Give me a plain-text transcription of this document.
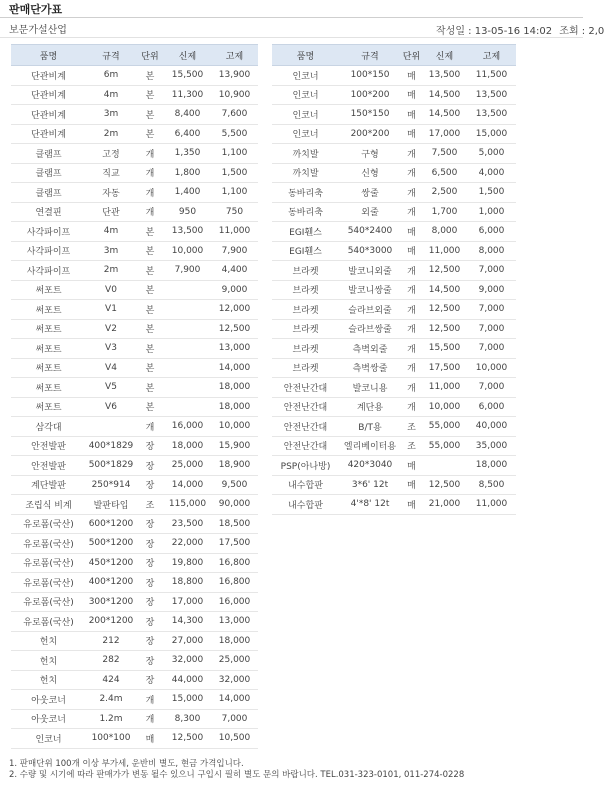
판매단가표
보문가설산업	작성일 : 13-05-16 14:02 조회 : 2,0
품명	규격	단위	신제	고제
단관비계	6m	본	15,500	13,900
단관비계	4m	본	11,300	10,900
단관비계	3m	본	8,400	7,600
단관비계	2m	본	6,400	5,500
클램프	고정	개	1,350	1,100
클램프	직교	개	1,800	1,500
클램프	자동	개	1,400	1,100
연결핀	단관	개	950	750
사각파이프	4m	본	13,500	11,000
사각파이프	3m	본	10,000	7,900
사각파이프	2m	본	7,900	4,400
써포트	V0	본		9,000
써포트	V1	본		12,000
써포트	V2	본		12,500
써포트	V3	본		13,000
써포트	V4	본		14,000
써포트	V5	본		18,000
써포트	V6	본		18,000
삼각대		개	16,000	10,000
안전발판	400*1829	장	18,000	15,900
안전발판	500*1829	장	25,000	18,900
계단발판	250*914	장	14,000	9,500
조립식 비계	발판타입	조	115,000	90,000
유로폼(국산)	600*1200	장	23,500	18,500
유로폼(국산)	500*1200	장	22,000	17,500
유로폼(국산)	450*1200	장	19,800	16,800
유로폼(국산)	400*1200	장	18,800	16,800
유로폼(국산)	300*1200	장	17,000	16,000
유로폼(국산)	200*1200	장	14,300	13,000
헌치	212	장	27,000	18,000
헌치	282	장	32,000	25,000
헌치	424	장	44,000	32,000
아웃코너	2.4m	개	15,000	14,000
아웃코너	1.2m	개	8,300	7,000
인코너	100*100	매	12,500	10,500
품명	규격	단위	신제	고제
인코너	100*150	매	13,500	11,500
인코너	100*200	매	14,500	13,500
인코너	150*150	매	14,500	13,500
인코너	200*200	매	17,000	15,000
까치발	구형	개	7,500	5,000
까치발	신형	개	6,500	4,000
동바리축	쌍줄	개	2,500	1,500
동바리축	외줄	개	1,700	1,000
EGI휀스	540*2400	매	8,000	6,000
EGI휀스	540*3000	매	11,000	8,000
브라켓	발코니외줄	개	12,500	7,000
브라켓	발코니쌍줄	개	14,500	9,000
브라켓	슬라브외줄	개	12,500	7,000
브라켓	슬라브쌍줄	개	12,500	7,000
브라켓	측벽외줄	개	15,500	7,000
브라켓	측벽쌍줄	개	17,500	10,000
안전난간대	발코니용	개	11,000	7,000
안전난간대	계단용	개	10,000	6,000
안전난간대	B/T용	조	55,000	40,000
안전난간대	엘리베이터용	조	55,000	35,000
PSP(아나방)	420*3040	매		18,000
내수합판	3*6' 12t	매	12,500	8,500
내수합판	4'*8' 12t	매	21,000	11,000
1. 판매단위 100개 이상 부가세, 운반비 별도, 현금 가격입니다.
2. 수량 및 시기에 따라 판매가가 변동 될수 있으니 구입시 필히 별도 문의 바랍니다. TEL.031-323-0101, 011-274-0228
